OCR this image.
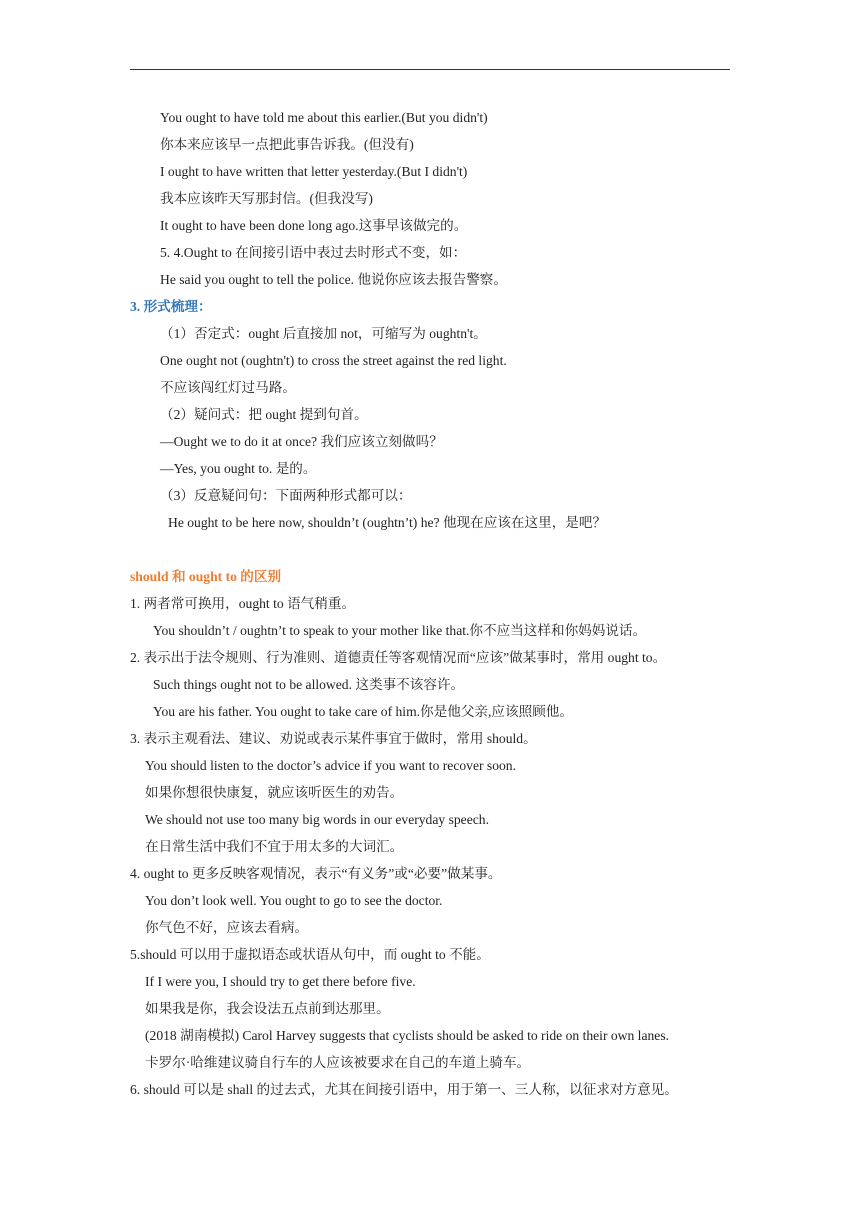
You ought to have told me about this earlier.(But you didn't)
你本来应该早一点把此事告诉我。(但没有)
I ought to have written that letter yesterday.(But I didn't)
我本应该昨天写那封信。(但我没写)
It ought to have been done long ago.这事早该做完的。
5. 4.Ought to 在间接引语中表过去时形式不变，如：
He said you ought to tell the police. 他说你应该去报告警察。
3. 形式梳理：
（1）否定式：ought 后直接加 not，可缩写为 oughtn't。
One ought not (oughtn't) to cross the street against the red light.
不应该闯红灯过马路。
（2）疑问式：把 ought 提到句首。
—Ought we to do it at once? 我们应该立刻做吗？
—Yes, you ought to. 是的。
（3）反意疑问句：下面两种形式都可以：
He ought to be here now, shouldn’t (oughtn’t) he? 他现在应该在这里，是吧？
should 和 ought to 的区别
1. 两者常可换用，ought to 语气稍重。
You shouldn’t / oughtn’t to speak to your mother like that.你不应当这样和你妈妈说话。
2. 表示出于法令规则、行为准则、道德责任等客观情况而“应该”做某事时，常用 ought to。
Such things ought not to be allowed. 这类事不该容许。
You are his father. You ought to take care of him.你是他父亲,应该照顾他。
3. 表示主观看法、建议、劝说或表示某件事宜于做时，常用 should。
You should listen to the doctor’s advice if you want to recover soon.
如果你想很快康复，就应该听医生的劝告。
We should not use too many big words in our everyday speech.
在日常生活中我们不宜于用太多的大词汇。
4. ought to 更多反映客观情况，表示“有义务”或“必要”做某事。
You don’t look well. You ought to go to see the doctor.
你气色不好，应该去看病。
5.should 可以用于虚拟语态或状语从句中，而 ought to 不能。
If I were you, I should try to get there before five.
如果我是你，我会设法五点前到达那里。
(2018 湖南模拟) Carol Harvey suggests that cyclists should be asked to ride on their own lanes.
卡罗尔·哈维建议骑自行车的人应该被要求在自己的车道上骑车。
6. should 可以是 shall 的过去式，尤其在间接引语中，用于第一、三人称，以征求对方意见。
